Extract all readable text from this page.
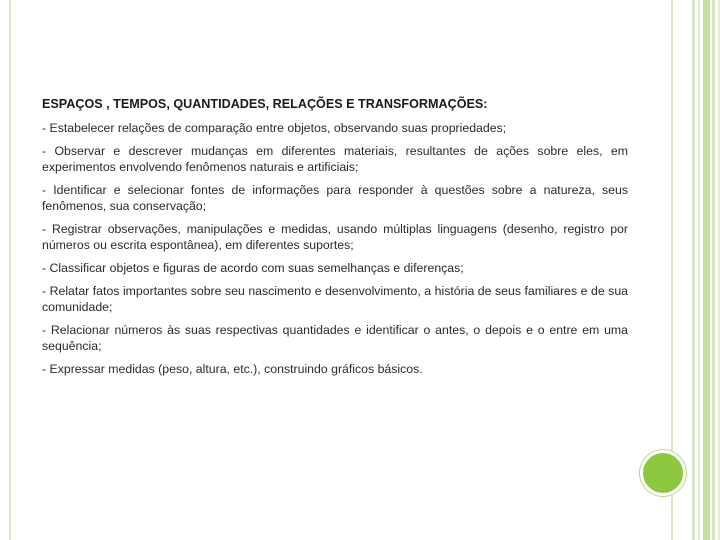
ESPAÇOS , TEMPOS, QUANTIDADES, RELAÇÕES E TRANSFORMAÇÕES:
- Estabelecer relações de comparação entre objetos, observando suas propriedades;
- Observar e descrever mudanças em diferentes materiais, resultantes de ações sobre eles, em experimentos envolvendo fenômenos naturais e artificiais;
- Identificar e selecionar fontes de informações para responder à questões sobre a natureza, seus fenômenos, sua conservação;
- Registrar observações, manipulações e medidas, usando múltiplas linguagens (desenho, registro por números ou escrita espontânea), em diferentes suportes;
- Classificar objetos e figuras de acordo com suas semelhanças e diferenças;
- Relatar fatos importantes sobre seu nascimento e desenvolvimento, a história de seus familiares e de sua comunidade;
- Relacionar números às suas respectivas quantidades e identificar o antes, o depois e o entre em uma sequência;
- Expressar medidas (peso, altura, etc.), construindo gráficos básicos.
